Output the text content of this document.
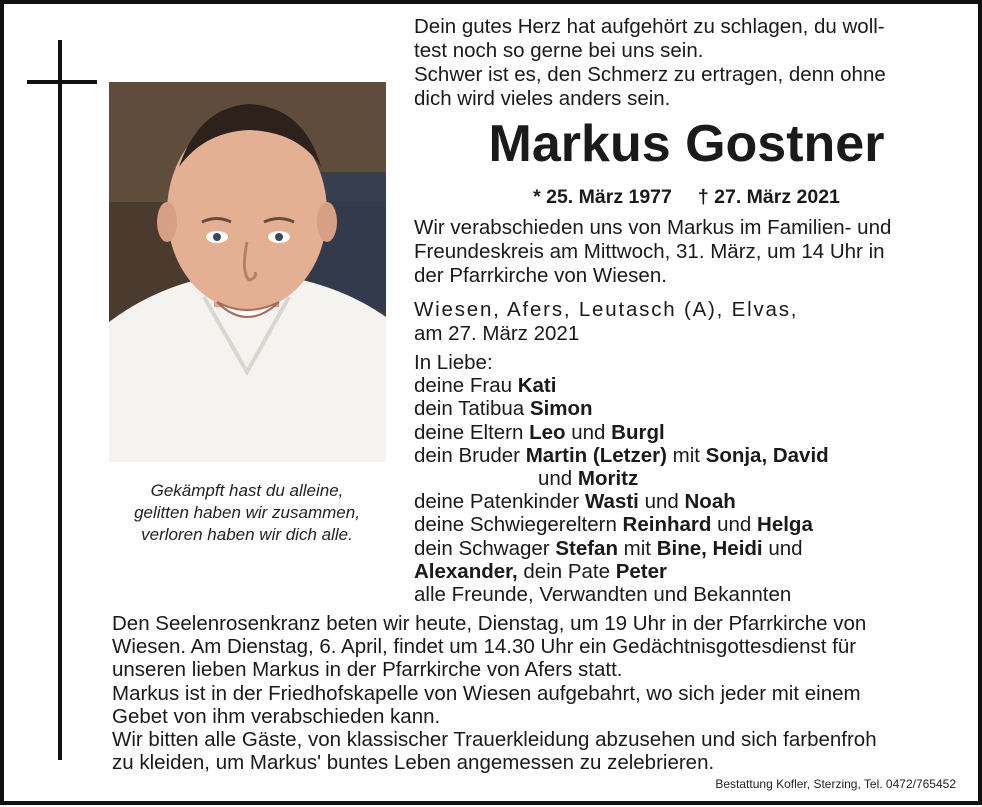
Gekämpft hast du alleine,
gelitten haben wir zusammen,
verloren haben wir dich alle.
Dein gutes Herz hat aufgehört zu schlagen, du woll-
test noch so gerne bei uns sein.
Schwer ist es, den Schmerz zu ertragen, denn ohne
dich wird vieles anders sein.
Markus Gostner
* 25. März 1977 † 27. März 2021
Wir verabschieden uns von Markus im Familien- und
Freundeskreis am Mittwoch, 31. März, um 14 Uhr in
der Pfarrkirche von Wiesen.
Wiesen, Afers, Leutasch (A), Elvas,
am 27. März 2021
In Liebe:
deine Frau Kati
dein Tatibua Simon
deine Eltern Leo und Burgl
dein Bruder Martin (Letzer) mit Sonja, David
und Moritz
deine Patenkinder Wasti und Noah
deine Schwiegereltern Reinhard und Helga
dein Schwager Stefan mit Bine, Heidi und
Alexander, dein Pate Peter
alle Freunde, Verwandten und Bekannten
Den Seelenrosenkranz beten wir heute, Dienstag, um 19 Uhr in der Pfarrkirche von
Wiesen. Am Dienstag, 6. April, findet um 14.30 Uhr ein Gedächtnisgottesdienst für
unseren lieben Markus in der Pfarrkirche von Afers statt.
Markus ist in der Friedhofskapelle von Wiesen aufgebahrt, wo sich jeder mit einem
Gebet von ihm verabschieden kann.
Wir bitten alle Gäste, von klassischer Trauerkleidung abzusehen und sich farbenfroh
zu kleiden, um Markus' buntes Leben angemessen zu zelebrieren.
Bestattung Kofler, Sterzing, Tel. 0472/765452
